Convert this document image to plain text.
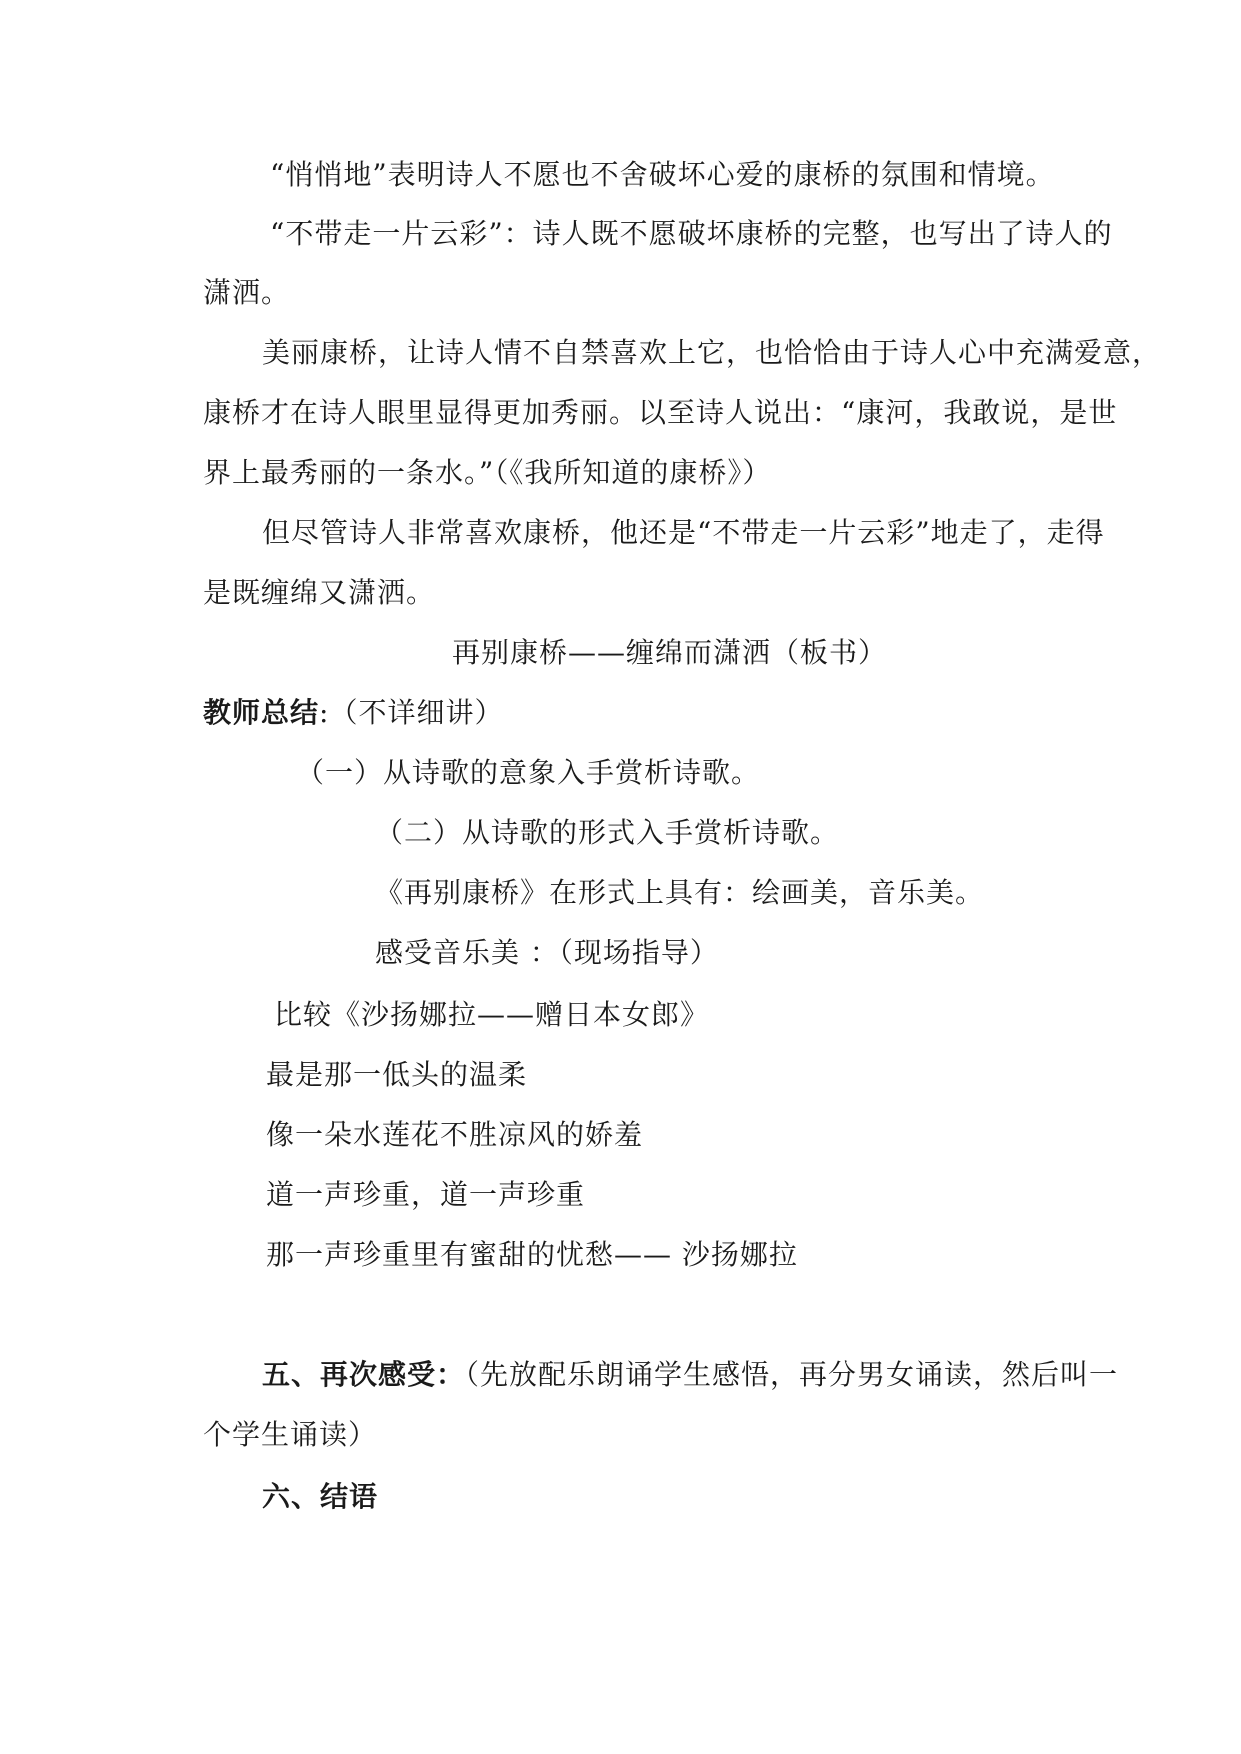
“悄悄地”表明诗人不愿也不舍破坏心爱的康桥的氛围和情境。
“不带走一片云彩”：诗人既不愿破坏康桥的完整，也写出了诗人的
潇洒。
美丽康桥，让诗人情不自禁喜欢上它，也恰恰由于诗人心中充满爱意，
康桥才在诗人眼里显得更加秀丽。以至诗人说出：“康河，我敢说，是世
界上最秀丽的一条水。”（《我所知道的康桥》）
但尽管诗人非常喜欢康桥，他还是“不带走一片云彩”地走了，走得
是既缠绵又潇洒。
再别康桥——缠绵而潇洒（板书）
教师总结:（不详细讲）
（一）从诗歌的意象入手赏析诗歌。
（二）从诗歌的形式入手赏析诗歌。
《再别康桥》在形式上具有：绘画美，音乐美。
感受音乐美 ：（现场指导）
比较《沙扬娜拉——赠日本女郎》
最是那一低头的温柔
像一朵水莲花不胜凉风的娇羞
道一声珍重，道一声珍重
那一声珍重里有蜜甜的忧愁—— 沙扬娜拉
五、再次感受：（先放配乐朗诵学生感悟，再分男女诵读，然后叫一
个学生诵读）
六、结语
